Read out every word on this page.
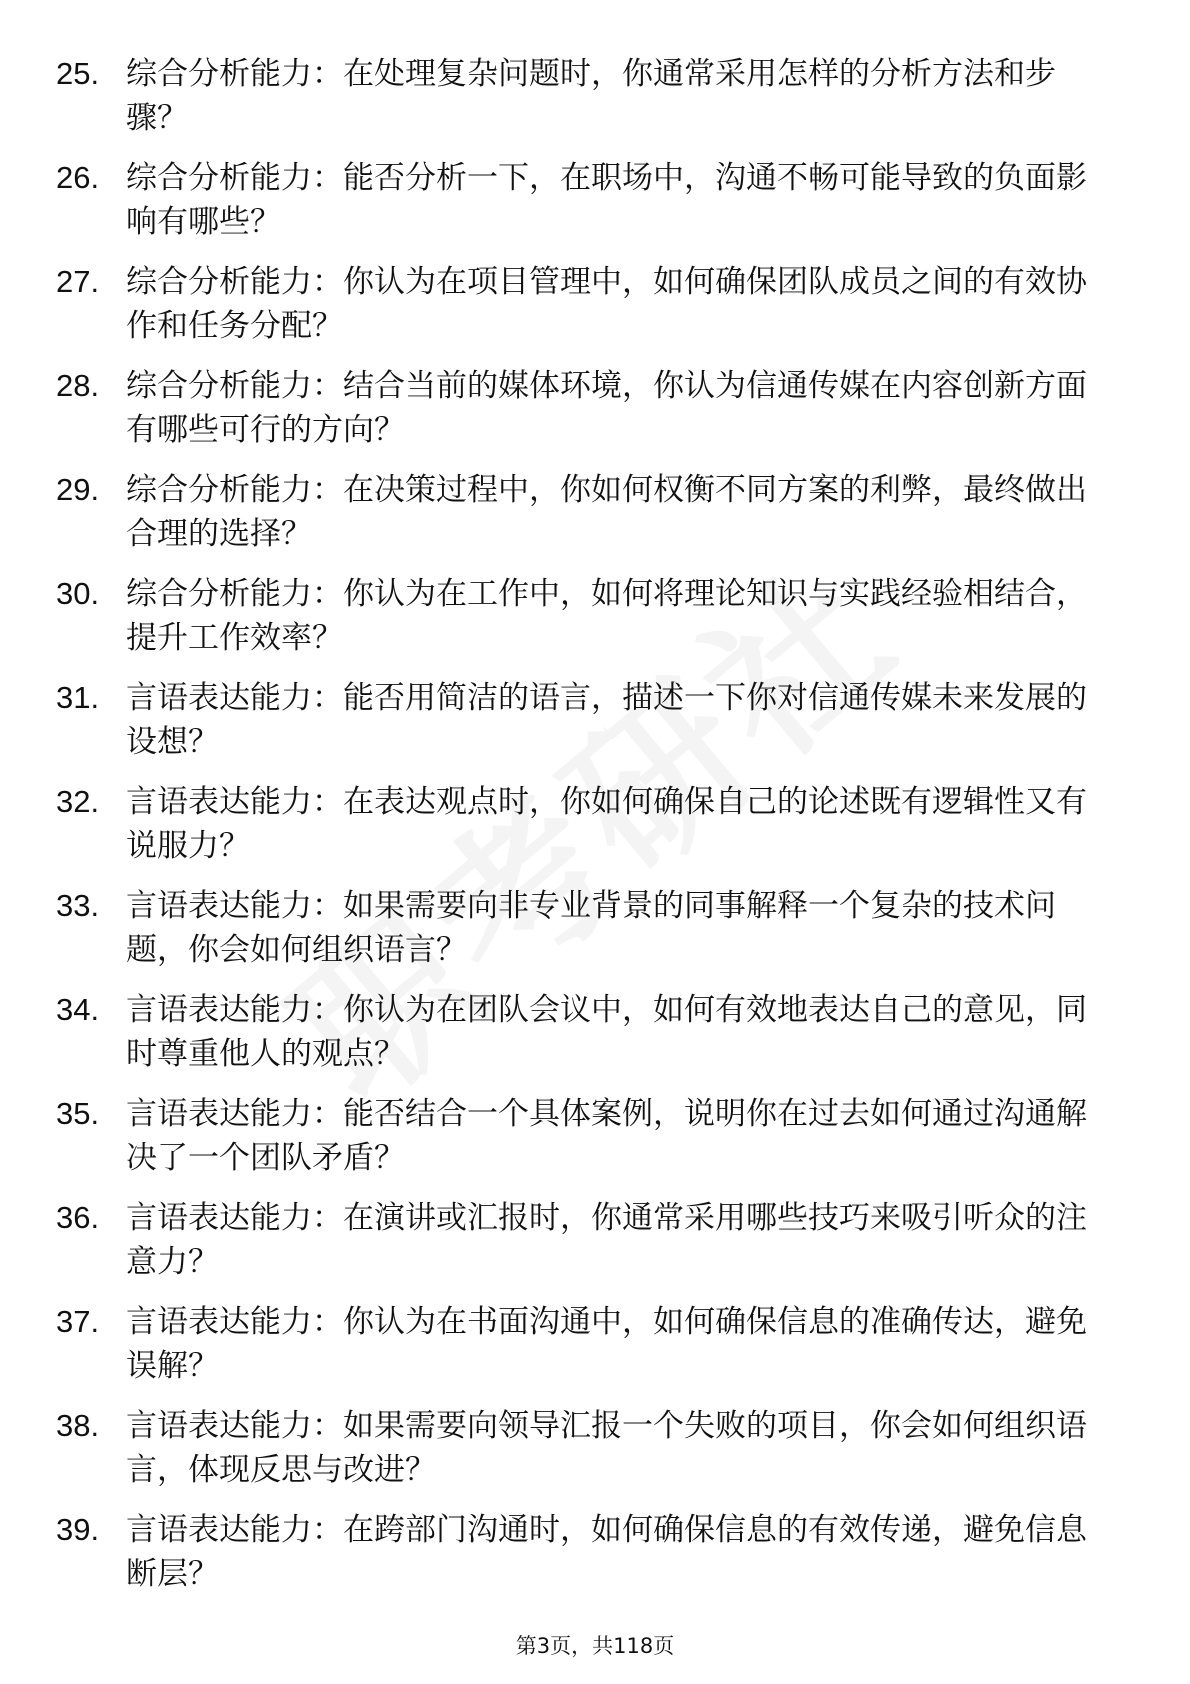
25. 综合分析能力：在处理复杂问题时，你通常采用怎样的分析方法和步骤？

26. 综合分析能力：能否分析一下，在职场中，沟通不畅可能导致的负面影响有哪些？

27. 综合分析能力：你认为在项目管理中，如何确保团队成员之间的有效协作和任务分配？

28. 综合分析能力：结合当前的媒体环境，你认为信通传媒在内容创新方面有哪些可行的方向？

29. 综合分析能力：在决策过程中，你如何权衡不同方案的利弊，最终做出合理的选择？

30. 综合分析能力：你认为在工作中，如何将理论知识与实践经验相结合，提升工作效率？

31. 言语表达能力：能否用简洁的语言，描述一下你对信通传媒未来发展的设想？

32. 言语表达能力：在表达观点时，你如何确保自己的论述既有逻辑性又有说服力？

33. 言语表达能力：如果需要向非专业背景的同事解释一个复杂的技术问题，你会如何组织语言？

34. 言语表达能力：你认为在团队会议中，如何有效地表达自己的意见，同时尊重他人的观点？

35. 言语表达能力：能否结合一个具体案例，说明你在过去如何通过沟通解决了一个团队矛盾？

36. 言语表达能力：在演讲或汇报时，你通常采用哪些技巧来吸引听众的注意力？

37. 言语表达能力：你认为在书面沟通中，如何确保信息的准确传达，避免误解？

38. 言语表达能力：如果需要向领导汇报一个失败的项目，你会如何组织语言，体现反思与改进？

39. 言语表达能力：在跨部门沟通时，如何确保信息的有效传递，避免信息断层？

第3页，共118页
